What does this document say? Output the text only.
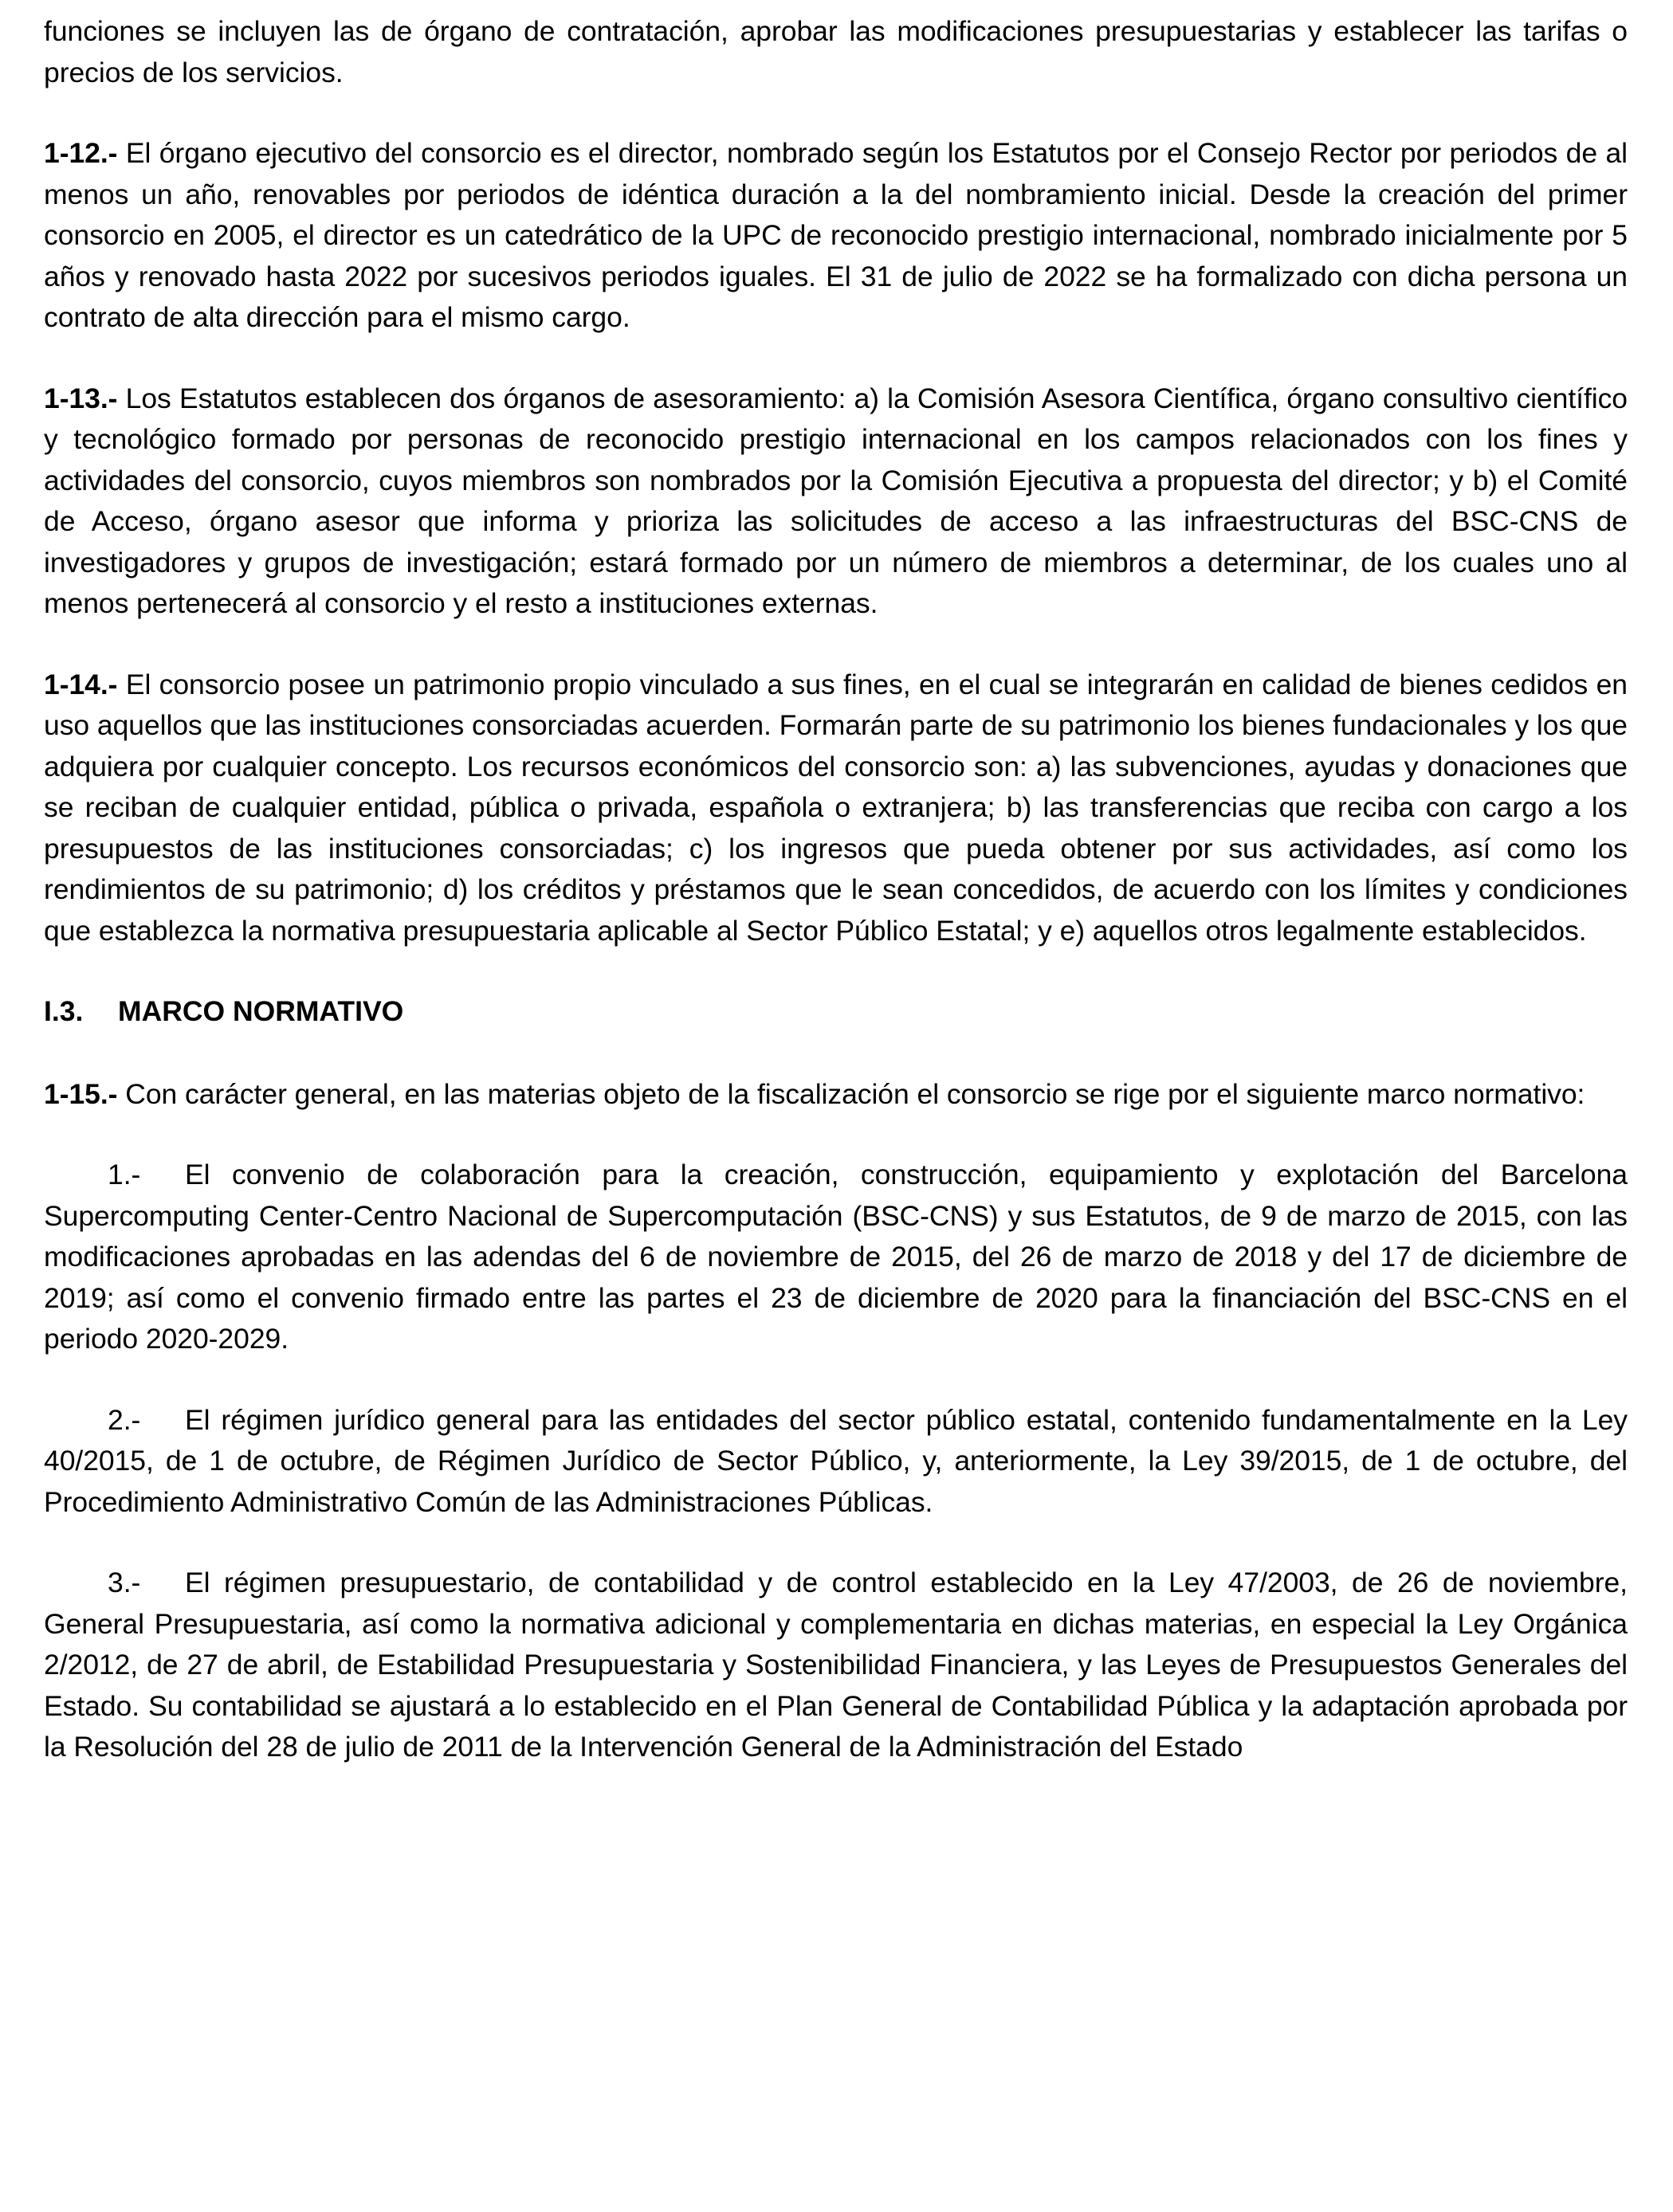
funciones se incluyen las de órgano de contratación, aprobar las modificaciones presupuestarias y establecer las tarifas o precios de los servicios.

1-12.- El órgano ejecutivo del consorcio es el director, nombrado según los Estatutos por el Consejo Rector por periodos de al menos un año, renovables por periodos de idéntica duración a la del nombramiento inicial. Desde la creación del primer consorcio en 2005, el director es un catedrático de la UPC de reconocido prestigio internacional, nombrado inicialmente por 5 años y renovado hasta 2022 por sucesivos periodos iguales. El 31 de julio de 2022 se ha formalizado con dicha persona un contrato de alta dirección para el mismo cargo.

1-13.- Los Estatutos establecen dos órganos de asesoramiento: a) la Comisión Asesora Científica, órgano consultivo científico y tecnológico formado por personas de reconocido prestigio internacional en los campos relacionados con los fines y actividades del consorcio, cuyos miembros son nombrados por la Comisión Ejecutiva a propuesta del director; y b) el Comité de Acceso, órgano asesor que informa y prioriza las solicitudes de acceso a las infraestructuras del BSC-CNS de investigadores y grupos de investigación; estará formado por un número de miembros a determinar, de los cuales uno al menos pertenecerá al consorcio y el resto a instituciones externas.

1-14.- El consorcio posee un patrimonio propio vinculado a sus fines, en el cual se integrarán en calidad de bienes cedidos en uso aquellos que las instituciones consorciadas acuerden. Formarán parte de su patrimonio los bienes fundacionales y los que adquiera por cualquier concepto. Los recursos económicos del consorcio son: a) las subvenciones, ayudas y donaciones que se reciban de cualquier entidad, pública o privada, española o extranjera; b) las transferencias que reciba con cargo a los presupuestos de las instituciones consorciadas; c) los ingresos que pueda obtener por sus actividades, así como los rendimientos de su patrimonio; d) los créditos y préstamos que le sean concedidos, de acuerdo con los límites y condiciones que establezca la normativa presupuestaria aplicable al Sector Público Estatal; y e) aquellos otros legalmente establecidos.

I.3.	MARCO NORMATIVO

1-15.- Con carácter general, en las materias objeto de la fiscalización el consorcio se rige por el siguiente marco normativo:

1.- El convenio de colaboración para la creación, construcción, equipamiento y explotación del Barcelona Supercomputing Center-Centro Nacional de Supercomputación (BSC-CNS) y sus Estatutos, de 9 de marzo de 2015, con las modificaciones aprobadas en las adendas del 6 de noviembre de 2015, del 26 de marzo de 2018 y del 17 de diciembre de 2019; así como el convenio firmado entre las partes el 23 de diciembre de 2020 para la financiación del BSC-CNS en el periodo 2020-2029.

2.- El régimen jurídico general para las entidades del sector público estatal, contenido fundamentalmente en la Ley 40/2015, de 1 de octubre, de Régimen Jurídico de Sector Público, y, anteriormente, la Ley 39/2015, de 1 de octubre, del Procedimiento Administrativo Común de las Administraciones Públicas.

3.- El régimen presupuestario, de contabilidad y de control establecido en la Ley 47/2003, de 26 de noviembre, General Presupuestaria, así como la normativa adicional y complementaria en dichas materias, en especial la Ley Orgánica 2/2012, de 27 de abril, de Estabilidad Presupuestaria y Sostenibilidad Financiera, y las Leyes de Presupuestos Generales del Estado. Su contabilidad se ajustará a lo establecido en el Plan General de Contabilidad Pública y la adaptación aprobada por la Resolución del 28 de julio de 2011 de la Intervención General de la Administración del Estado
